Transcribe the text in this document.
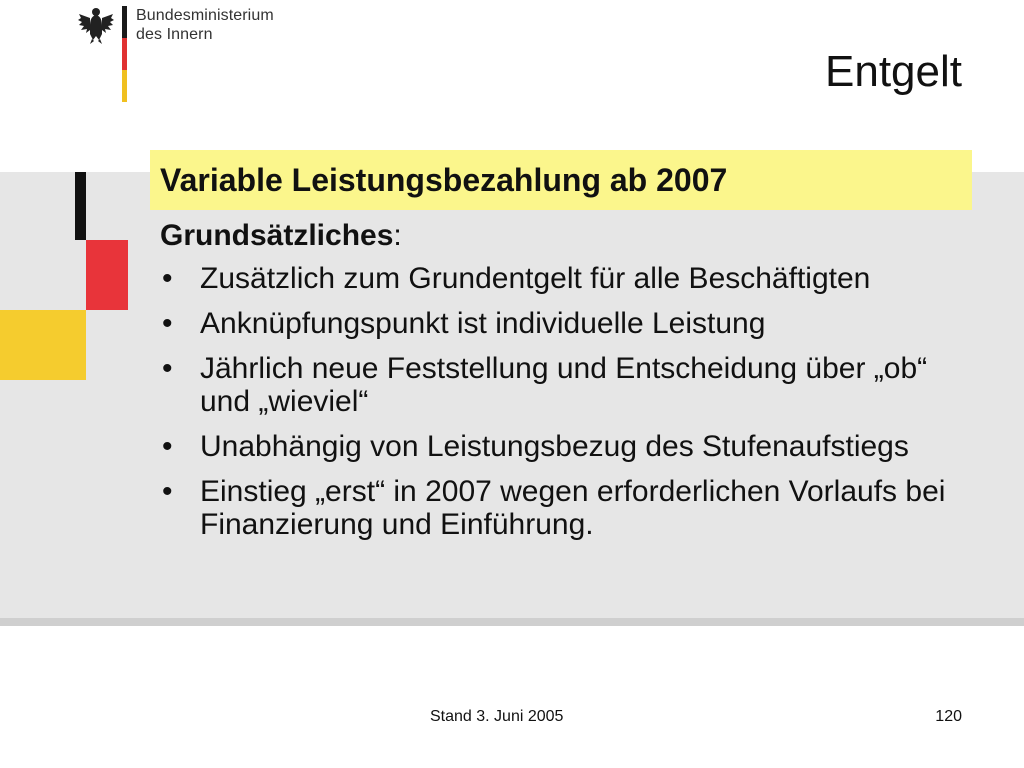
Bundesministerium
des Innern
Entgelt
Variable Leistungsbezahlung ab 2007
Grundsätzliches:
• Zusätzlich zum Grundentgelt für alle Beschäftigten
• Anknüpfungspunkt ist individuelle Leistung
• Jährlich neue Feststellung und Entscheidung über „ob“ und „wieviel“
• Unabhängig von Leistungsbezug des Stufenaufstiegs
• Einstieg „erst“ in 2007 wegen erforderlichen Vorlaufs bei Finanzierung und Einführung.
Stand 3. Juni 2005	120
